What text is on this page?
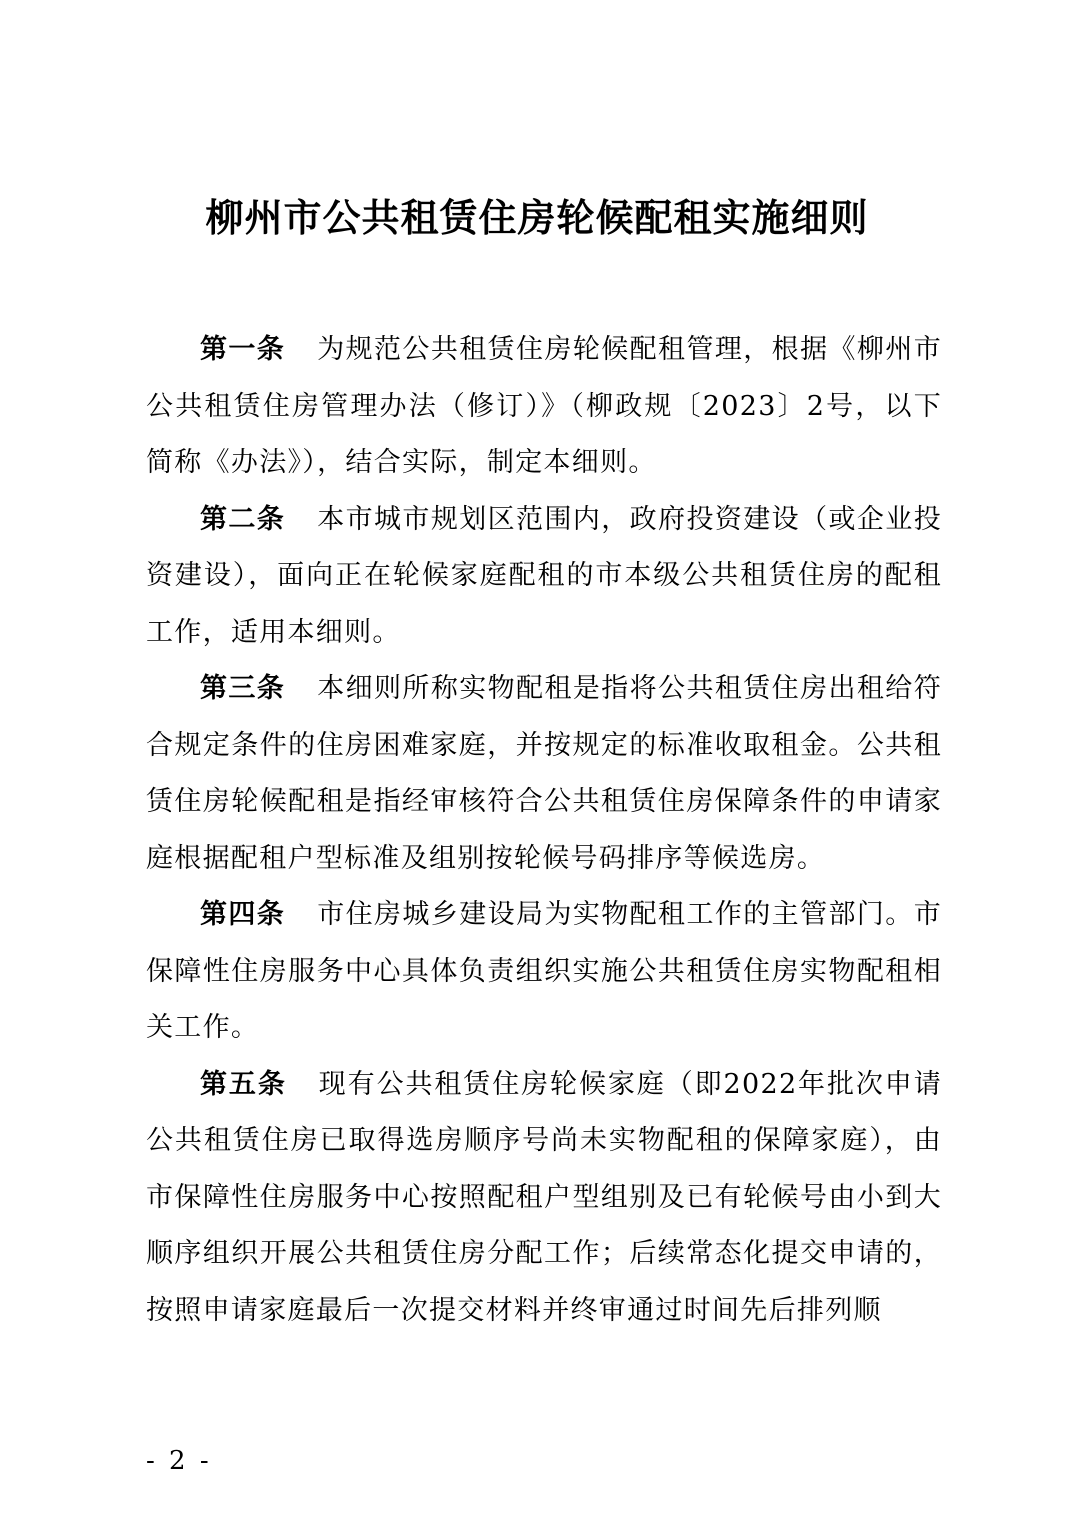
柳州市公共租赁住房轮候配租实施细则

第一条 为规范公共租赁住房轮候配租管理，根据《柳州市公共租赁住房管理办法（修订）》（柳政规〔2023〕2号，以下简称《办法》），结合实际，制定本细则。

第二条 本市城市规划区范围内，政府投资建设（或企业投资建设），面向正在轮候家庭配租的市本级公共租赁住房的配租工作，适用本细则。

第三条 本细则所称实物配租是指将公共租赁住房出租给符合规定条件的住房困难家庭，并按规定的标准收取租金。公共租赁住房轮候配租是指经审核符合公共租赁住房保障条件的申请家庭根据配租户型标准及组别按轮候号码排序等候选房。

第四条 市住房城乡建设局为实物配租工作的主管部门。市保障性住房服务中心具体负责组织实施公共租赁住房实物配租相关工作。

第五条 现有公共租赁住房轮候家庭（即2022年批次申请公共租赁住房已取得选房顺序号尚未实物配租的保障家庭），由市保障性住房服务中心按照配租户型组别及已有轮候号由小到大顺序组织开展公共租赁住房分配工作；后续常态化提交申请的，按照申请家庭最后一次提交材料并终审通过时间先后排列顺

- 2 -
